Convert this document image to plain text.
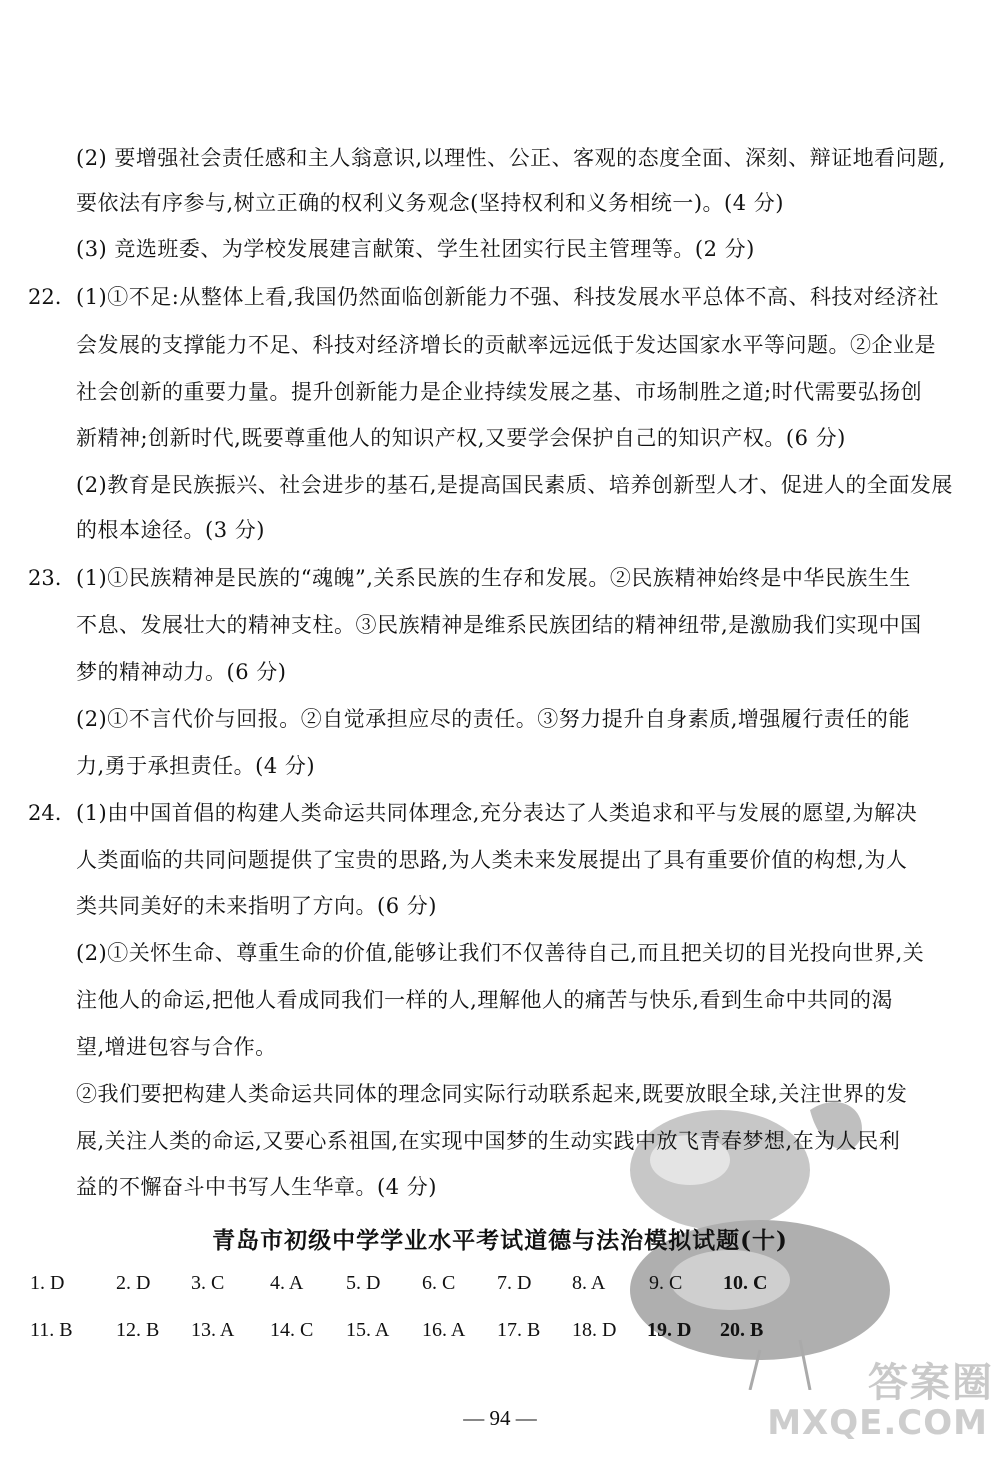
(2) 要增强社会责任感和主人翁意识,以理性、公正、客观的态度全面、深刻、辩证地看问题,
要依法有序参与,树立正确的权利义务观念(坚持权利和义务相统一)。(4 分)
(3) 竞选班委、为学校发展建言献策、学生社团实行民主管理等。(2 分)
22. (1)①不足:从整体上看,我国仍然面临创新能力不强、科技发展水平总体不高、科技对经济社
会发展的支撑能力不足、科技对经济增长的贡献率远远低于发达国家水平等问题。②企业是
社会创新的重要力量。提升创新能力是企业持续发展之基、市场制胜之道;时代需要弘扬创
新精神;创新时代,既要尊重他人的知识产权,又要学会保护自己的知识产权。(6 分)
(2)教育是民族振兴、社会进步的基石,是提高国民素质、培养创新型人才、促进人的全面发展
的根本途径。(3 分)
23. (1)①民族精神是民族的“魂魄”,关系民族的生存和发展。②民族精神始终是中华民族生生
不息、发展壮大的精神支柱。③民族精神是维系民族团结的精神纽带,是激励我们实现中国
梦的精神动力。(6 分)
(2)①不言代价与回报。②自觉承担应尽的责任。③努力提升自身素质,增强履行责任的能
力,勇于承担责任。(4 分)
24. (1)由中国首倡的构建人类命运共同体理念,充分表达了人类追求和平与发展的愿望,为解决
人类面临的共同问题提供了宝贵的思路,为人类未来发展提出了具有重要价值的构想,为人
类共同美好的未来指明了方向。(6 分)
(2)①关怀生命、尊重生命的价值,能够让我们不仅善待自己,而且把关切的目光投向世界,关
注他人的命运,把他人看成同我们一样的人,理解他人的痛苦与快乐,看到生命中共同的渴
望,增进包容与合作。
②我们要把构建人类命运共同体的理念同实际行动联系起来,既要放眼全球,关注世界的发
展,关注人类的命运,又要心系祖国,在实现中国梦的生动实践中放飞青春梦想,在为人民利
益的不懈奋斗中书写人生华章。(4 分)
青岛市初级中学学业水平考试道德与法治模拟试题(十)
1. D	2. D 3. C 4. A 5. D 6. C 7. D 8. A 9. C 10. C
11. B 12. B 13. A 14. C 15. A 16. A 17. B 18. D 19. D 20. B
— 94 —
答案圈
MXQE.COM
